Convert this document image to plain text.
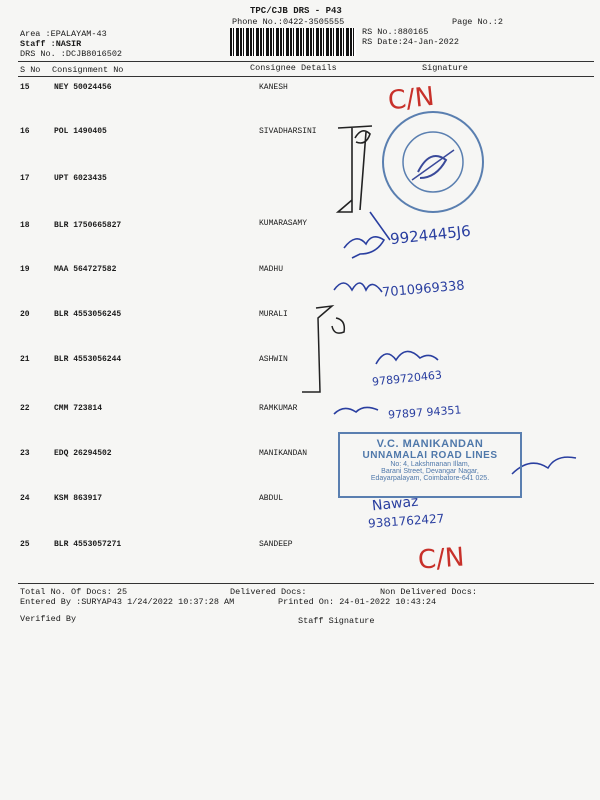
TPC/CJB DRS - P43
Phone No.:0422-3505555	Page No.:2
Area :EPALAYAM-43
Staff :NASIR
DRS No. :DCJB8016502
RS No.:880165
RS Date:24-Jan-2022
S No Consignment No	Consignee Details	Signature
15	NEY 50024456	KANESH
16	POL 1490405	SIVADHARSINI
17	UPT 6023435
18	BLR 1750665827	KUMARASAMY
19	MAA 564727582	MADHU
20	BLR 4553056245	MURALI
21	BLR 4553056244	ASHWIN
22	CMM 723814	RAMKUMAR
23	EDQ 26294502	MANIKANDAN
24	KSM 863917	ABDUL
25	BLR 4553057271	SANDEEP
V.C. MANIKANDAN
UNNAMALAI ROAD LINES
No: 4, Lakshmanan Illam,
Barani Street, Devangar Nagar,
Edayarpalayam, Coimbatore-641 025.
C/N
9924445J6
7010969338
9789720463
97897 94351
Nawaz
9381762427
C/N
Total No. Of Docs: 25	Delivered Docs:	Non Delivered Docs:
Entered By :SURYAP43 1/24/2022 10:37:28 AM	Printed On: 24-01-2022 10:43:24
Verified By	Staff Signature
